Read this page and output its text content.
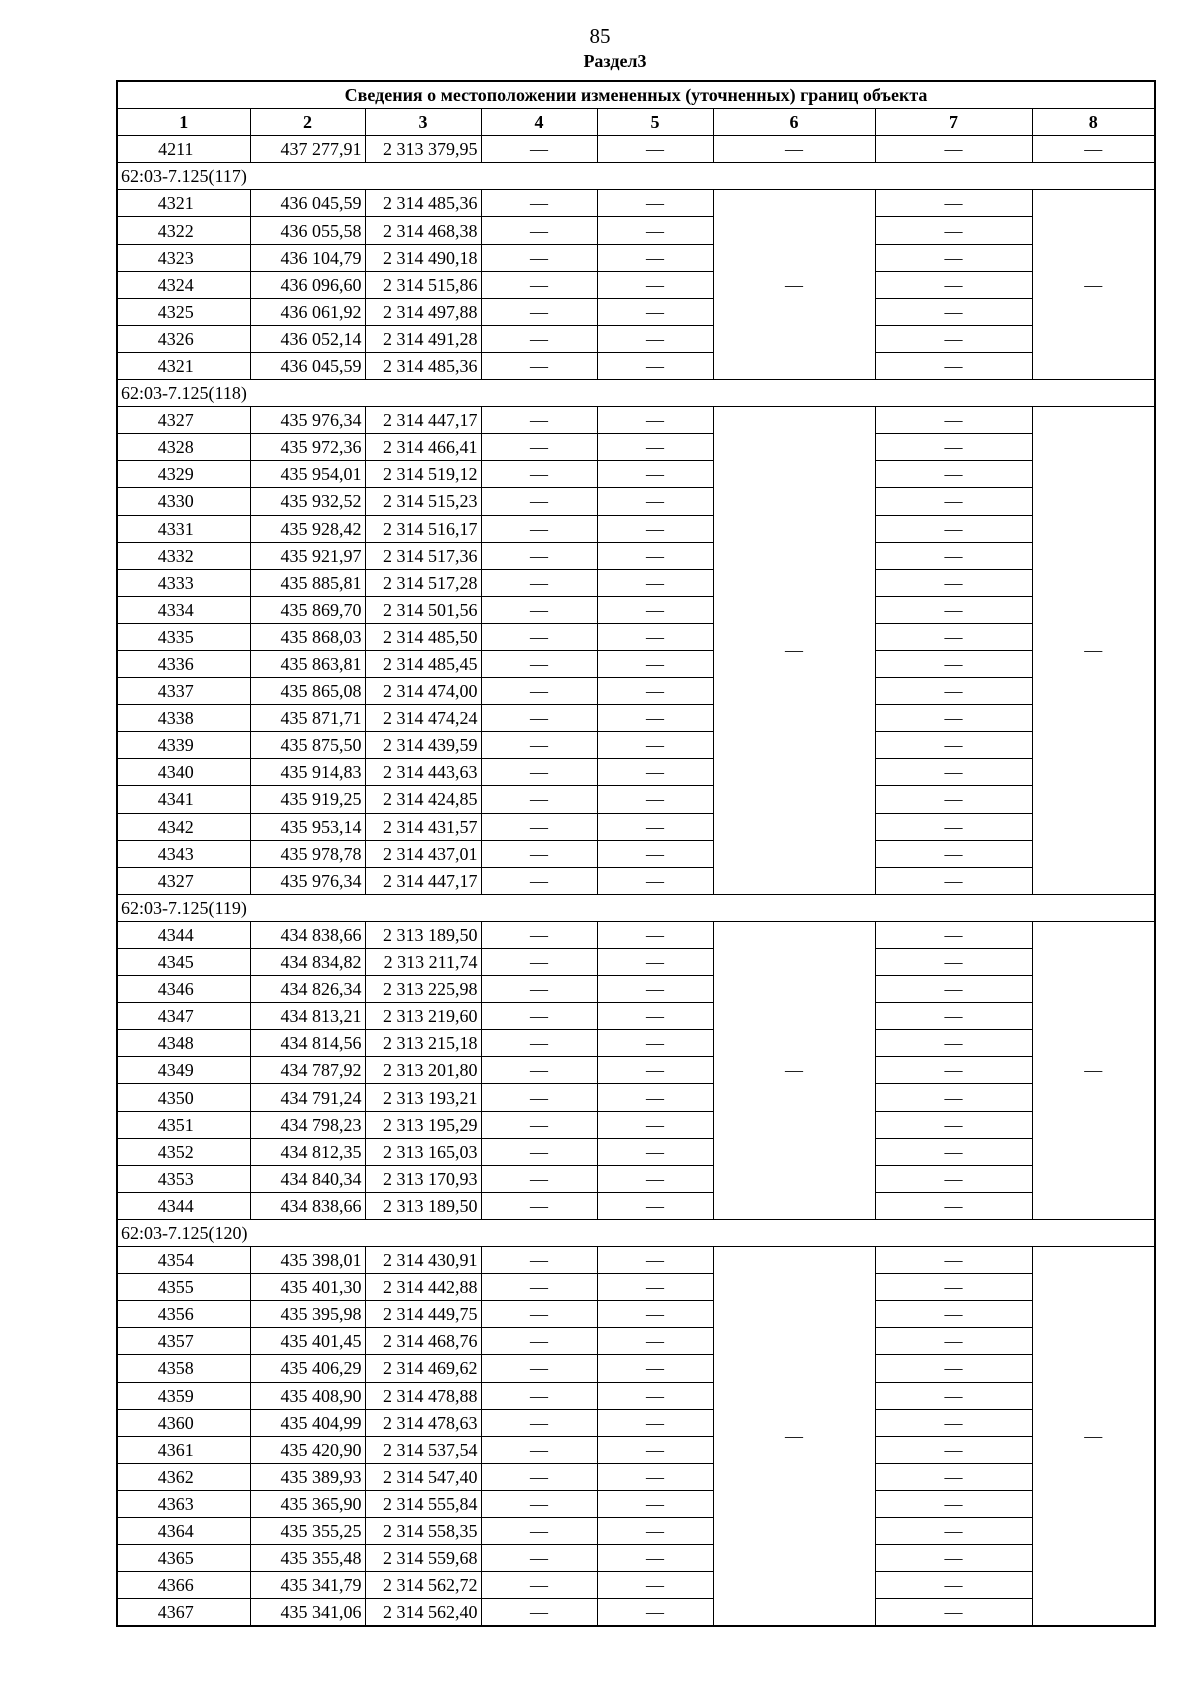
85
Раздел3
Сведения о местоположении измененных (уточненных) границ объекта							
1	2	3	4	5	6	7	8
4211	437 277,91	2 313 379,95	—	—	—	—	—
62:03-7.125(117)							
4321	436 045,59	2 314 485,36	—	—	—	—	—
4322	436 055,58	2 314 468,38	—	—		—	
4323	436 104,79	2 314 490,18	—	—		—	
4324	436 096,60	2 314 515,86	—	—		—	
4325	436 061,92	2 314 497,88	—	—		—	
4326	436 052,14	2 314 491,28	—	—		—	
4321	436 045,59	2 314 485,36	—	—		—	
62:03-7.125(118)							
4327	435 976,34	2 314 447,17	—	—	—	—	—
4328	435 972,36	2 314 466,41	—	—		—	
4329	435 954,01	2 314 519,12	—	—		—	
4330	435 932,52	2 314 515,23	—	—		—	
4331	435 928,42	2 314 516,17	—	—		—	
4332	435 921,97	2 314 517,36	—	—		—	
4333	435 885,81	2 314 517,28	—	—		—	
4334	435 869,70	2 314 501,56	—	—		—	
4335	435 868,03	2 314 485,50	—	—		—	
4336	435 863,81	2 314 485,45	—	—		—	
4337	435 865,08	2 314 474,00	—	—		—	
4338	435 871,71	2 314 474,24	—	—		—	
4339	435 875,50	2 314 439,59	—	—		—	
4340	435 914,83	2 314 443,63	—	—		—	
4341	435 919,25	2 314 424,85	—	—		—	
4342	435 953,14	2 314 431,57	—	—		—	
4343	435 978,78	2 314 437,01	—	—		—	
4327	435 976,34	2 314 447,17	—	—		—	
62:03-7.125(119)							
4344	434 838,66	2 313 189,50	—	—	—	—	—
4345	434 834,82	2 313 211,74	—	—		—	
4346	434 826,34	2 313 225,98	—	—		—	
4347	434 813,21	2 313 219,60	—	—		—	
4348	434 814,56	2 313 215,18	—	—		—	
4349	434 787,92	2 313 201,80	—	—		—	
4350	434 791,24	2 313 193,21	—	—		—	
4351	434 798,23	2 313 195,29	—	—		—	
4352	434 812,35	2 313 165,03	—	—		—	
4353	434 840,34	2 313 170,93	—	—		—	
4344	434 838,66	2 313 189,50	—	—		—	
62:03-7.125(120)							
4354	435 398,01	2 314 430,91	—	—	—	—	—
4355	435 401,30	2 314 442,88	—	—		—	
4356	435 395,98	2 314 449,75	—	—		—	
4357	435 401,45	2 314 468,76	—	—		—	
4358	435 406,29	2 314 469,62	—	—		—	
4359	435 408,90	2 314 478,88	—	—		—	
4360	435 404,99	2 314 478,63	—	—		—	
4361	435 420,90	2 314 537,54	—	—		—	
4362	435 389,93	2 314 547,40	—	—		—	
4363	435 365,90	2 314 555,84	—	—		—	
4364	435 355,25	2 314 558,35	—	—		—	
4365	435 355,48	2 314 559,68	—	—		—	
4366	435 341,79	2 314 562,72	—	—		—	
4367	435 341,06	2 314 562,40	—	—		—	
